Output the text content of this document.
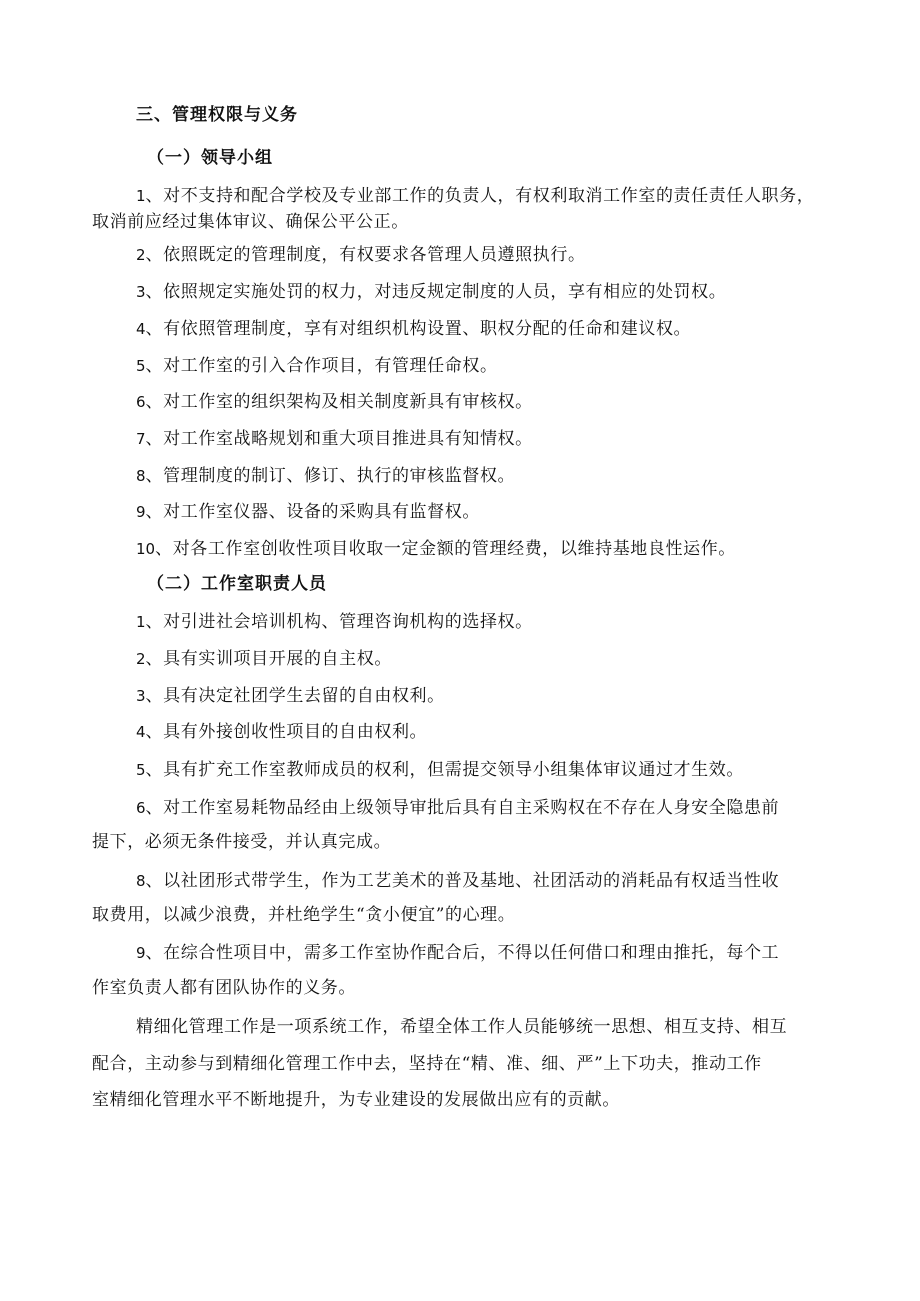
三、管理权限与义务
（一）领导小组
1、对不支持和配合学校及专业部工作的负责人，有权利取消工作室的责任责任人职务，
取消前应经过集体审议、确保公平公正。
2、依照既定的管理制度，有权要求各管理人员遵照执行。
3、依照规定实施处罚的权力，对违反规定制度的人员，享有相应的处罚权。
4、有依照管理制度，享有对组织机构设置、职权分配的任命和建议权。
5、对工作室的引入合作项目，有管理任命权。
6、对工作室的组织架构及相关制度新具有审核权。
7、对工作室战略规划和重大项目推进具有知情权。
8、管理制度的制订、修订、执行的审核监督权。
9、对工作室仪器、设备的采购具有监督权。
10、对各工作室创收性项目收取一定金额的管理经费，以维持基地良性运作。
（二）工作室职责人员
1、对引进社会培训机构、管理咨询机构的选择权。
2、具有实训项目开展的自主权。
3、具有决定社团学生去留的自由权利。
4、具有外接创收性项目的自由权利。
5、具有扩充工作室教师成员的权利，但需提交领导小组集体审议通过才生效。
6、对工作室易耗物品经由上级领导审批后具有自主采购权在不存在人身安全隐患前
提下，必须无条件接受，并认真完成。
8、以社团形式带学生，作为工艺美术的普及基地、社团活动的消耗品有权适当性收
取费用，以减少浪费，并杜绝学生“贪小便宜”的心理。
9、在综合性项目中，需多工作室协作配合后，不得以任何借口和理由推托，每个工
作室负责人都有团队协作的义务。
精细化管理工作是一项系统工作，希望全体工作人员能够统一思想、相互支持、相互
配合，主动参与到精细化管理工作中去，坚持在“精、准、细、严”上下功夫，推动工作
室精细化管理水平不断地提升，为专业建设的发展做出应有的贡献。
